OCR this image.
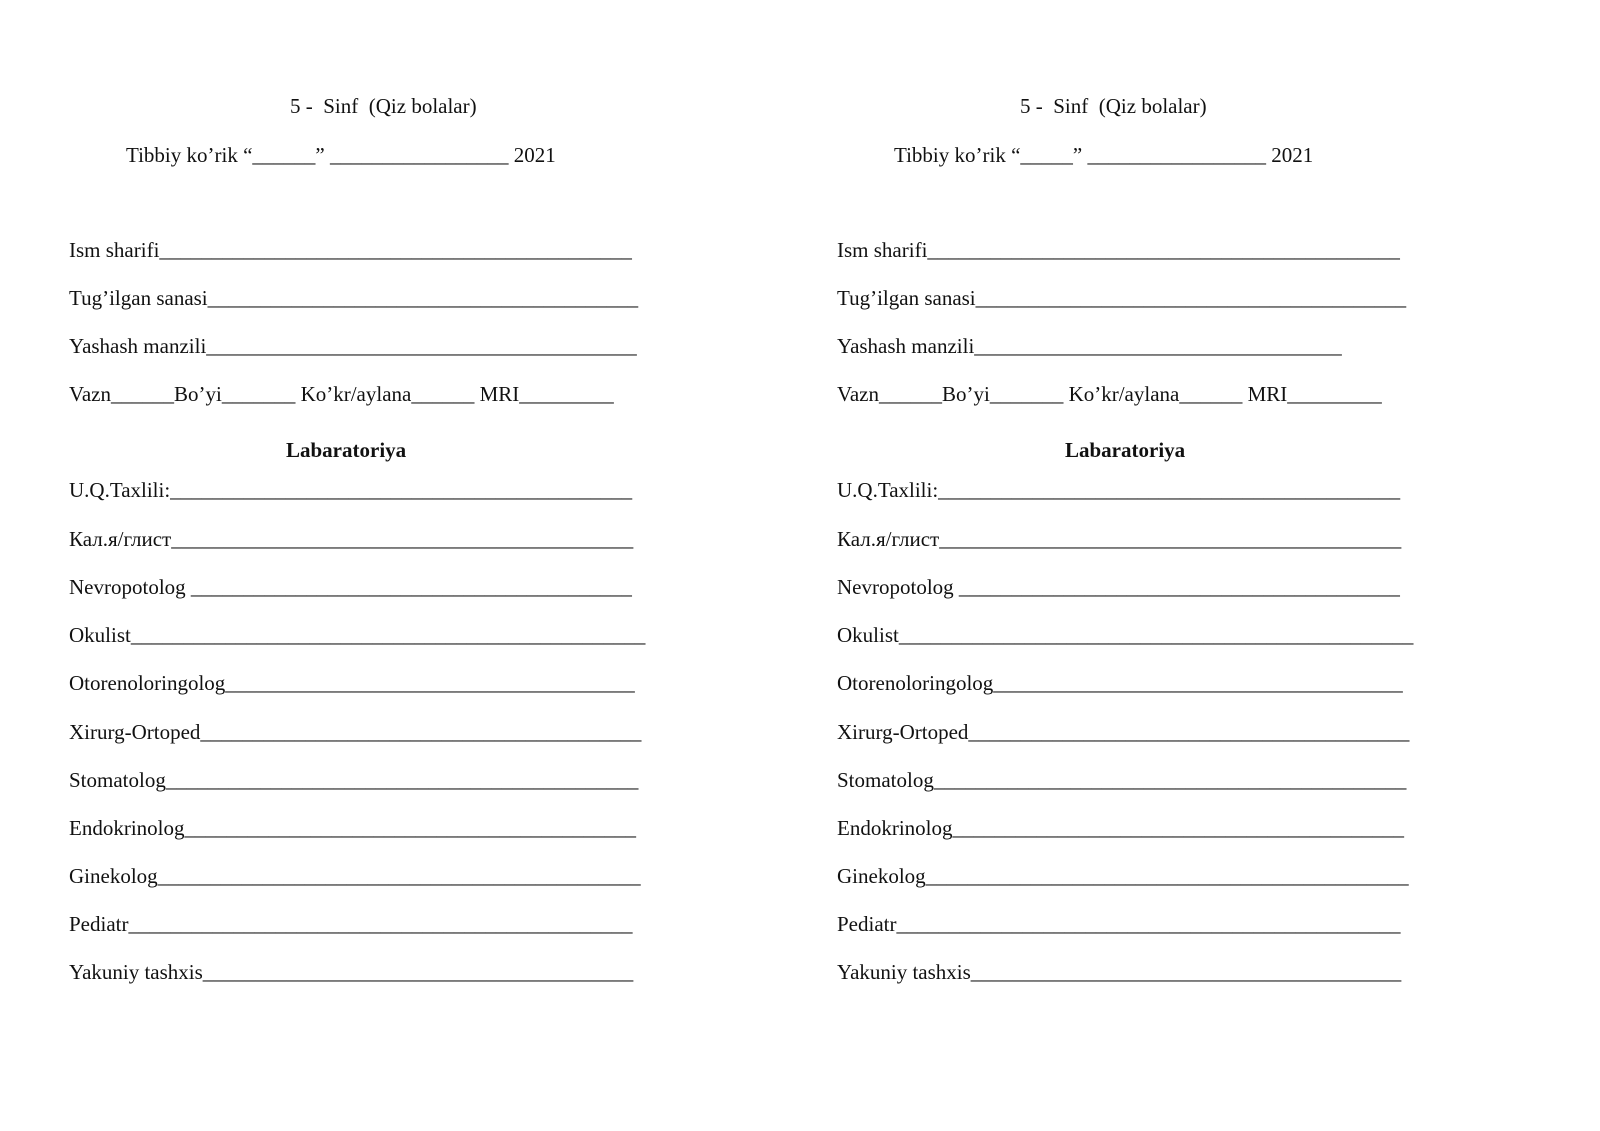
5 -  Sinf  (Qiz bolalar)
Tibbiy ko’rik “______” _________________ 2021
Ism sharifi_____________________________________________
Tug’ilgan sanasi_________________________________________
Yashash manzili_________________________________________
Vazn______Bo’yi_______ Ko’kr/aylana______ MRI_________
Labaratoriya
U.Q.Taxlili:____________________________________________
Кал.я/глист____________________________________________
Nevropotolog __________________________________________
Okulist_________________________________________________
Otorenoloringolog_______________________________________
Xirurg-Ortoped__________________________________________
Stomatolog_____________________________________________
Endokrinolog___________________________________________
Ginekolog______________________________________________
Pediatr________________________________________________
Yakuniy tashxis_________________________________________
5 -  Sinf  (Qiz bolalar)
Tibbiy ko’rik “_____” _________________ 2021
Ism sharifi_____________________________________________
Tug’ilgan sanasi_________________________________________
Yashash manzili___________________________________
Vazn______Bo’yi_______ Ko’kr/aylana______ MRI_________
Labaratoriya
U.Q.Taxlili:____________________________________________
Кал.я/глист____________________________________________
Nevropotolog __________________________________________
Okulist_________________________________________________
Otorenoloringolog_______________________________________
Xirurg-Ortoped__________________________________________
Stomatolog_____________________________________________
Endokrinolog___________________________________________
Ginekolog______________________________________________
Pediatr________________________________________________
Yakuniy tashxis_________________________________________
